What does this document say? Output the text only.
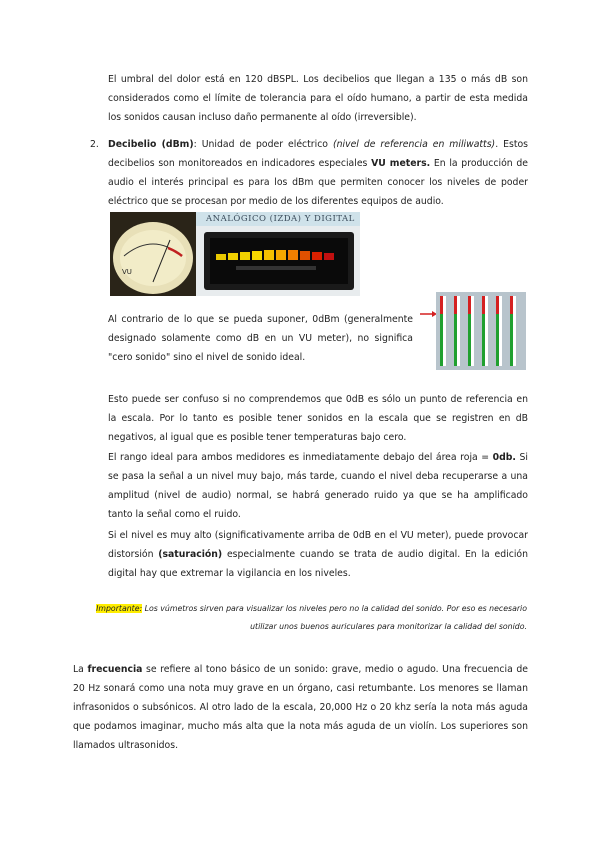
El umbral del dolor está en 120 dBSPL. Los decibelios que llegan a 135 o más dB son considerados como el límite de tolerancia para el oído humano, a partir de esta medida los sonidos causan incluso daño permanente al oído (irreversible).
2. Decibelio (dBm): Unidad de poder eléctrico (nivel de referencia en miliwatts). Estos decibelios son monitoreados en indicadores especiales VU meters. En la producción de audio el interés principal es para los dBm que permiten conocer los niveles de poder eléctrico que se procesan por medio de los diferentes equipos de audio.
VU
ANALÓGICO (IZDA) Y DIGITAL
Al contrario de lo que se pueda suponer, 0dBm (generalmente designado solamente como dB en un VU meter), no significa "cero sonido" sino el nivel de sonido ideal.
Esto puede ser confuso si no comprendemos que 0dB es sólo un punto de referencia en la escala. Por lo tanto es posible tener sonidos en la escala que se registren en dB negativos, al igual que es posible tener temperaturas bajo cero.
El rango ideal para ambos medidores es inmediatamente debajo del área roja = 0db. Si se pasa la señal a un nivel muy bajo, más tarde, cuando el nivel deba recuperarse a una amplitud (nivel de audio) normal, se habrá generado ruido ya que se ha amplificado tanto la señal como el ruido.
Si el nivel es muy alto (significativamente arriba de 0dB en el VU meter), puede provocar distorsión (saturación) especialmente cuando se trata de audio digital. En la edición digital hay que extremar la vigilancia en los niveles.
Importante: Los vúmetros sirven para visualizar los niveles pero no la calidad del sonido. Por eso es necesario utilizar unos buenos auriculares para monitorizar la calidad del sonido.
La frecuencia se refiere al tono básico de un sonido: grave, medio o agudo. Una frecuencia de 20 Hz sonará como una nota muy grave en un órgano, casi retumbante. Los menores se llaman infrasonidos o subsónicos. Al otro lado de la escala, 20,000 Hz o 20 khz sería la nota más aguda que podamos imaginar, mucho más alta que la nota más aguda de un violín. Los superiores son llamados ultrasonidos.
